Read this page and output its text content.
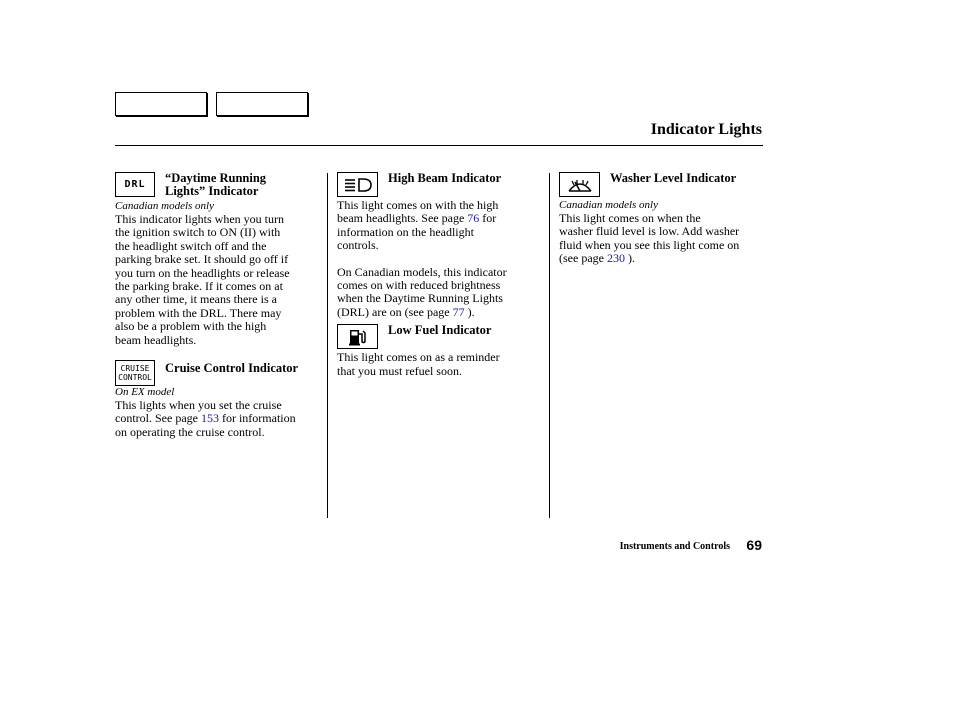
Indicator Lights
DRL “Daytime Running
Lights” Indicator
Canadian models only
This indicator lights when you turn
the ignition switch to ON (II) with
the headlight switch off and the
parking brake set. It should go off if
you turn on the headlights or release
the parking brake. If it comes on at
any other time, it means there is a
problem with the DRL. There may
also be a problem with the high
beam headlights.
CRUISE
CONTROL
Cruise Control Indicator
On EX model
This lights when you set the cruise
control. See page 153 for information
on operating the cruise control.
High Beam Indicator
This light comes on with the high
beam headlights. See page 76 for
information on the headlight
controls.
On Canadian models, this indicator
comes on with reduced brightness
when the Daytime Running Lights
(DRL) are on (see page 77 ).
Low Fuel Indicator
This light comes on as a reminder
that you must refuel soon.
Washer Level Indicator
Canadian models only
This light comes on when the
washer fluid level is low. Add washer
fluid when you see this light come on
(see page 230 ).
Instruments and Controls 69
